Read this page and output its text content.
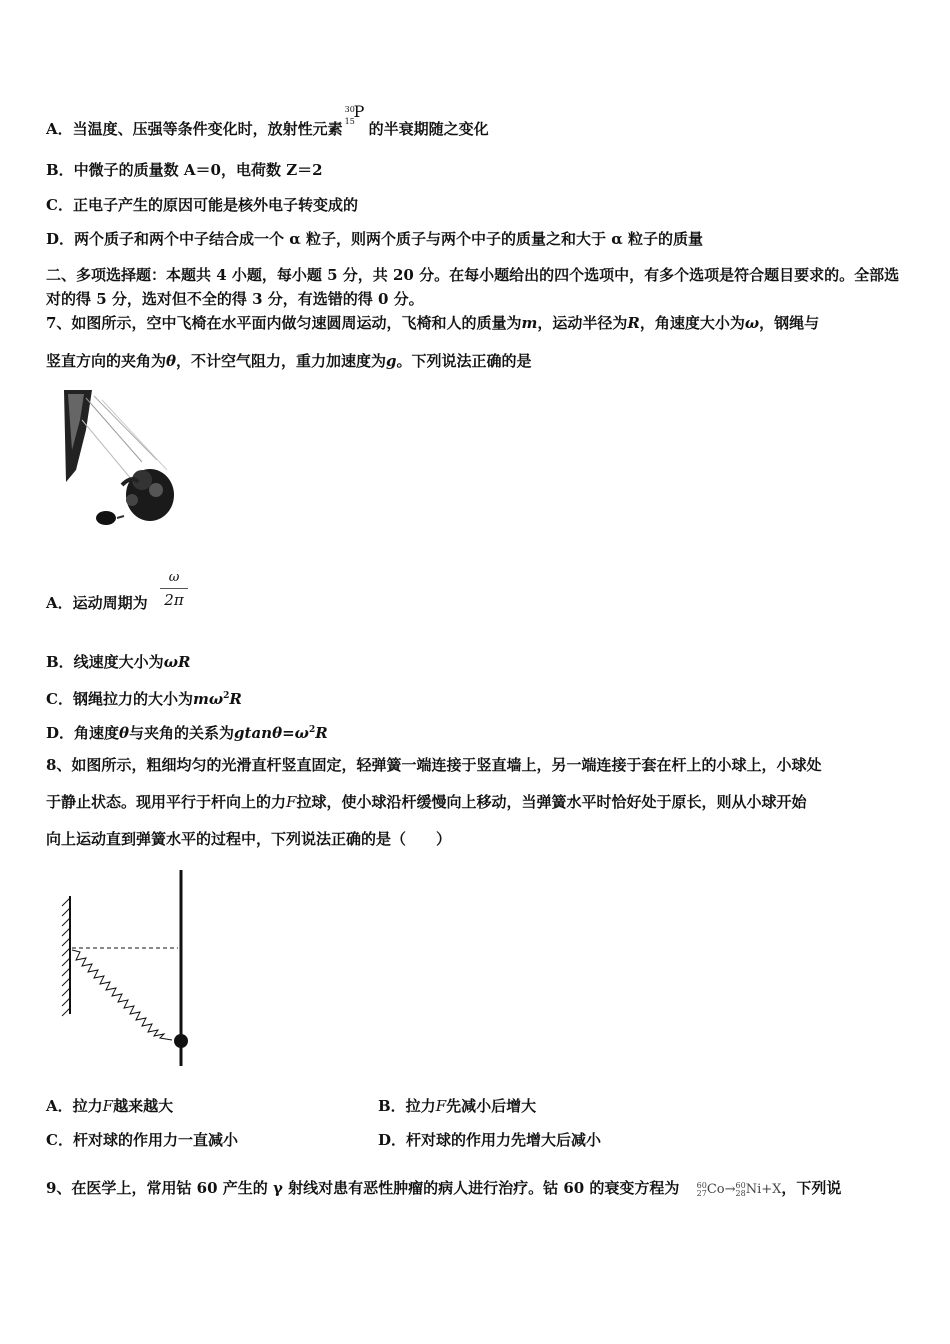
A．当温度、压强等条件变化时，放射性元素
30
15
P
的半衰期随之变化
B．中微子的质量数 A＝0，电荷数 Z＝2
C．正电子产生的原因可能是核外电子转变成的
D．两个质子和两个中子结合成一个 α 粒子，则两个质子与两个中子的质量之和大于 α 粒子的质量
二、多项选择题：本题共 4 小题，每小题 5 分，共 20 分。在每小题给出的四个选项中，有多个选项是符合题目要求的。全部选对的得 5 分，选对但不全的得 3 分，有选错的得 0 分。
7、如图所示，空中飞椅在水平面内做匀速圆周运动，飞椅和人的质量为m，运动半径为R，角速度大小为ω，钢绳与
竖直方向的夹角为θ，不计空气阻力，重力加速度为g。下列说法正确的是
A．运动周期为
ω
2π
B．线速度大小为ωR
C．钢绳拉力的大小为$m\omega^2R$
D．角速度θ与夹角的关系为$gtan\theta=\omega^2R$
8、如图所示，粗细均匀的光滑直杆竖直固定，轻弹簧一端连接于竖直墙上，另一端连接于套在杆上的小球上，小球处
于静止状态。现用平行于杆向上的力F拉球，使小球沿杆缓慢向上移动，当弹簧水平时恰好处于原长，则从小球开始
向上运动直到弹簧水平的过程中，下列说法正确的是（　　）
A．拉力F越来越大	B．拉力F先减小后增大
C．杆对球的作用力一直减小	D．杆对球的作用力先增大后减小
9、在医学上，常用钴 60 产生的 γ 射线对患有恶性肿瘤的病人进行治疗。钴 60 的衰变方程为 60
27Co→60
28Ni+X，下列说
